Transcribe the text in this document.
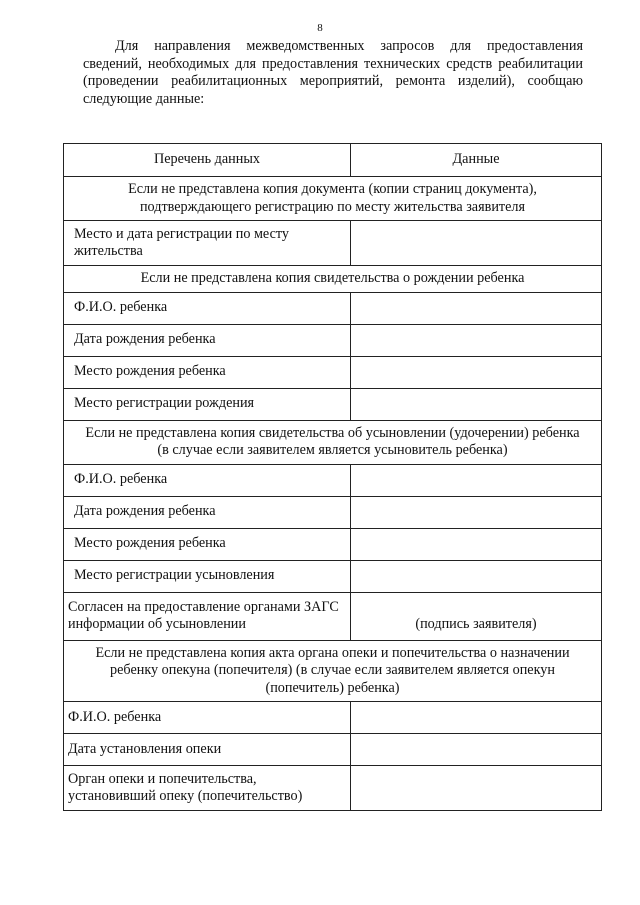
8

Для направления межведомственных запросов для предоставления сведений, необходимых для предоставления технических средств реабилитации (проведении реабилитационных мероприятий, ремонта изделий), сообщаю следующие данные:

Перечень данных	Данные
Если не представлена копия документа (копии страниц документа), подтверждающего регистрацию по месту жительства заявителя	
Место и дата регистрации по месту жительства	
Если не представлена копия свидетельства о рождении ребенка	
Ф.И.О. ребенка	
Дата рождения ребенка	
Место рождения ребенка	
Место регистрации рождения	
Если не представлена копия свидетельства об усыновлении (удочерении) ребенка (в случае если заявителем является усыновитель ребенка)	
Ф.И.О. ребенка	
Дата рождения ребенка	
Место рождения ребенка	
Место регистрации усыновления	
Согласен на предоставление органами ЗАГС информации об усыновлении	(подпись заявителя)
Если не представлена копия акта органа опеки и попечительства о назначении ребенку опекуна (попечителя) (в случае если заявителем является опекун (попечитель) ребенка)	
Ф.И.О. ребенка	
Дата установления опеки	
Орган опеки и попечительства, установивший опеку (попечительство)	
